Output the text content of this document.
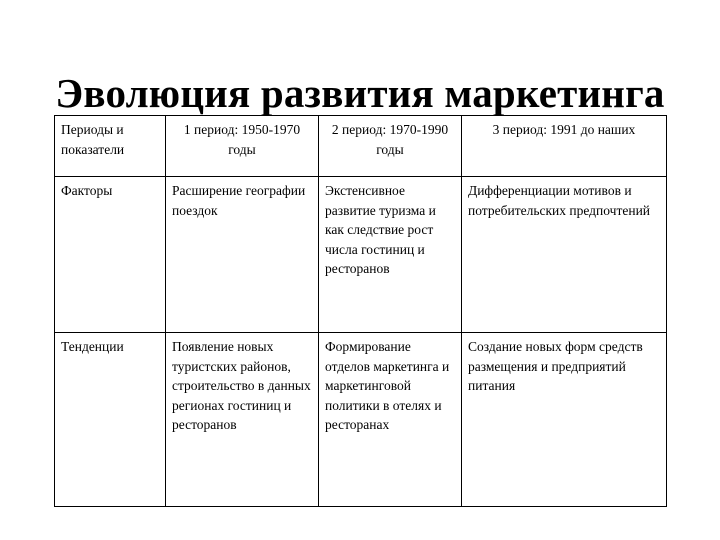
Эволюция развития маркетинга
Периоды и показатели	1 период: 1950-1970 годы	2 период: 1970-1990 годы	3 период: 1991 до наших
Факторы	Расширение географии поездок	Экстенсивное развитие туризма и как следствие рост числа гостиниц и ресторанов	Дифференциации мотивов и потребительских предпочтений
Тенденции	Появление новых туристских районов, строительство в данных регионах гостиниц и ресторанов	Формирование отделов маркетинга и маркетинговой политики в отелях и ресторанах	Создание новых форм средств размещения и предприятий питания
